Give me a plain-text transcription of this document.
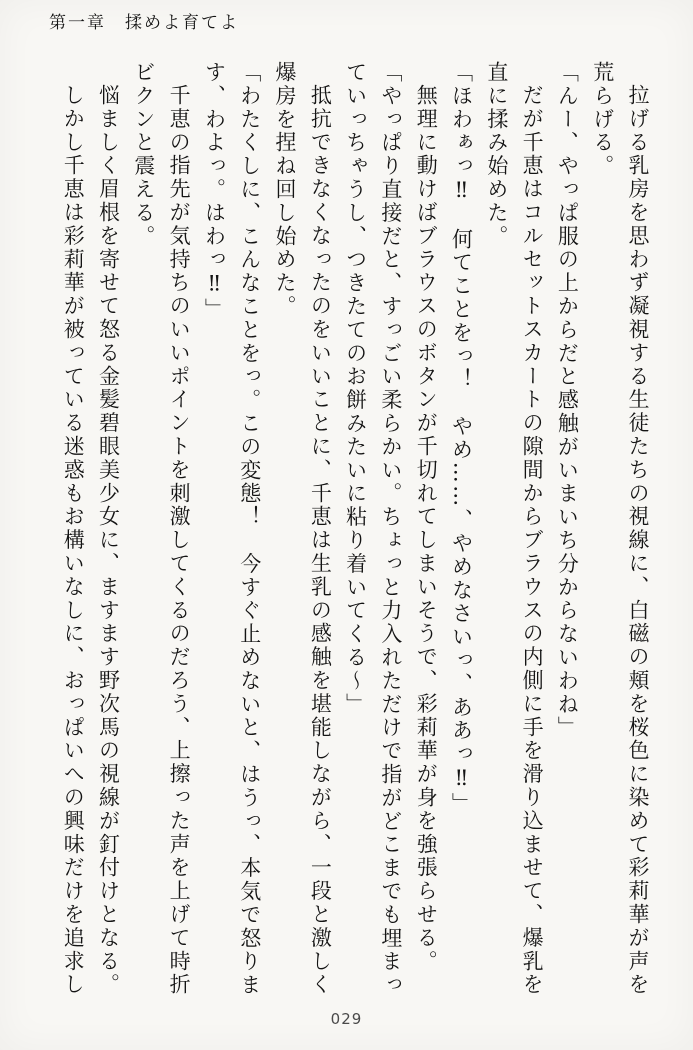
第一章　揉めよ育てよ

拉げる乳房を思わず凝視する生徒たちの視線に、白磁の頬を桜色に染めて彩莉華が声を荒らげる。

「んー、やっぱ服の上からだと感触がいまいち分からないわね」

だが千恵はコルセットスカートの隙間からブラウスの内側に手を滑り込ませて、爆乳を直に揉み始めた。

「ほわぁっ‼　何てことをっ！　やめ……、やめなさいっ、ああっ‼」

無理に動けばブラウスのボタンが千切れてしまいそうで、彩莉華が身を強張らせる。

「やっぱり直接だと、すっごい柔らかい。ちょっと力入れただけで指がどこまでも埋まっていっちゃうし、つきたてのお餅みたいに粘り着いてくる～」

抵抗できなくなったのをいいことに、千恵は生乳の感触を堪能しながら、一段と激しく爆房を捏ね回し始めた。

「わたくしに、こんなことをっ。この変態！　今すぐ止めないと、はうっ、本気で怒ります、わよっ。はわっ‼」

千恵の指先が気持ちのいいポイントを刺激してくるのだろう、上擦った声を上げて時折ビクンと震える。

悩ましく眉根を寄せて怒る金髪碧眼美少女に、ますます野次馬の視線が釘付けとなる。

しかし千恵は彩莉華が被っている迷惑もお構いなしに、おっぱいへの興味だけを追求し

029
